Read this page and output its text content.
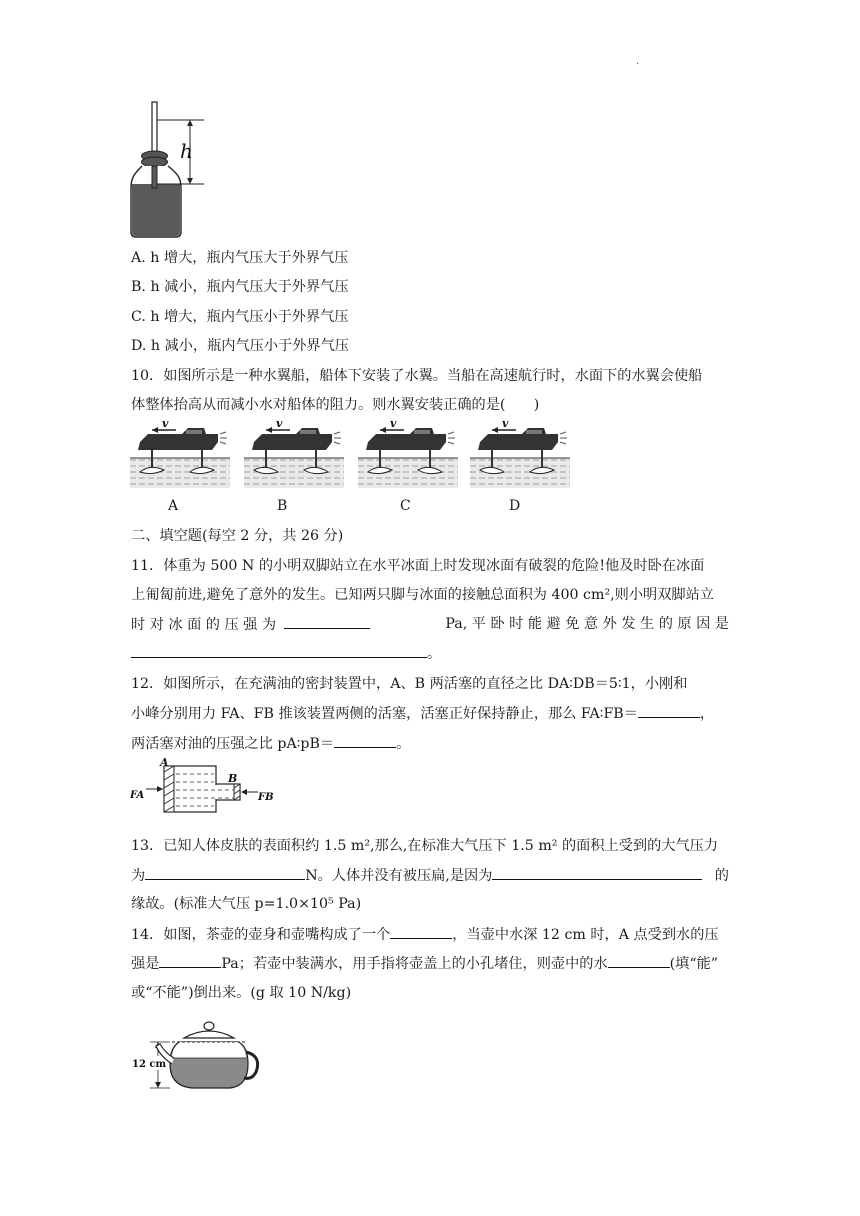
.
h
A. h 增大，瓶内气压大于外界气压
B. h 减小，瓶内气压大于外界气压
C. h 增大，瓶内气压小于外界气压
D. h 减小，瓶内气压小于外界气压
10．如图所示是一种水翼船，船体下安装了水翼。当船在高速航行时，水面下的水翼会使船
体整体抬高从而减小水对船体的阻力。则水翼安装正确的是(　　)
v	v	v	v
A	B	C	D
二、填空题(每空 2 分，共 26 分)
11．体重为 500 N 的小明双脚站立在水平冰面上时发现冰面有破裂的危险!他及时卧在冰面
上匍匐前进,避免了意外的发生。已知两只脚与冰面的接触总面积为 400 cm²,则小明双脚站立
时 对 冰 面 的 压 强 为	Pa, 平 卧 时 能 避 免 意 外 发 生 的 原 因 是
。
12．如图所示，在充满油的密封装置中，A、B 两活塞的直径之比 DA∶DB＝5∶1，小刚和
小峰分别用力 FA、FB 推该装置两侧的活塞，活塞正好保持静止，那么 FA∶FB＝	，
两活塞对油的压强之比 pA∶pB＝	。
A
B
FA	FB
13．已知人体皮肤的表面积约 1.5 m²,那么,在标准大气压下 1.5 m² 的面积上受到的大气压力
为	N。人体并没有被压扁,是因为	的
缘故。(标准大气压 p=1.0×10⁵ Pa)
14．如图，茶壶的壶身和壶嘴构成了一个	，当壶中水深 12 cm 时，A 点受到水的压
强是	Pa；若壶中装满水，用手指将壶盖上的小孔堵住，则壶中的水	(填“能”
或“不能”)倒出来。(g 取 10 N/kg)
12 cm
